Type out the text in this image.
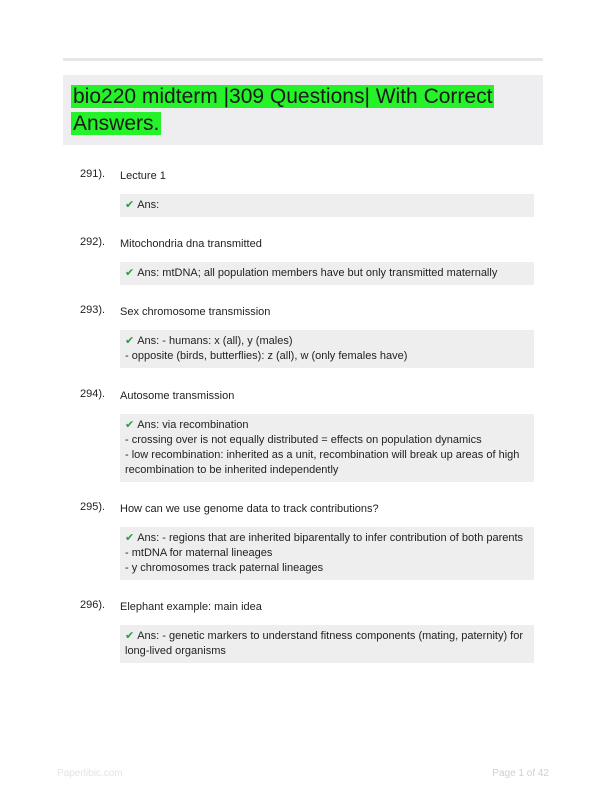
bio220 midterm |309 Questions| With Correct
Answers.
291). Lecture 1
✔ Ans:
292). Mitochondria dna transmitted
✔ Ans: mtDNA; all population members have but only transmitted maternally
293). Sex chromosome transmission
✔ Ans: - humans: x (all), y (males)
- opposite (birds, butterflies): z (all), w (only females have)
294). Autosome transmission
✔ Ans: via recombination
- crossing over is not equally distributed = effects on population dynamics
- low recombination: inherited as a unit, recombination will break up areas of high
recombination to be inherited independently
295). How can we use genome data to track contributions?
✔ Ans: - regions that are inherited biparentally to infer contribution of both parents
- mtDNA for maternal lineages
- y chromosomes track paternal lineages
296). Elephant example: main idea
✔ Ans: - genetic markers to understand fitness components (mating, paternity) for
long-lived organisms
Paperlibic.com	Page 1 of 42
